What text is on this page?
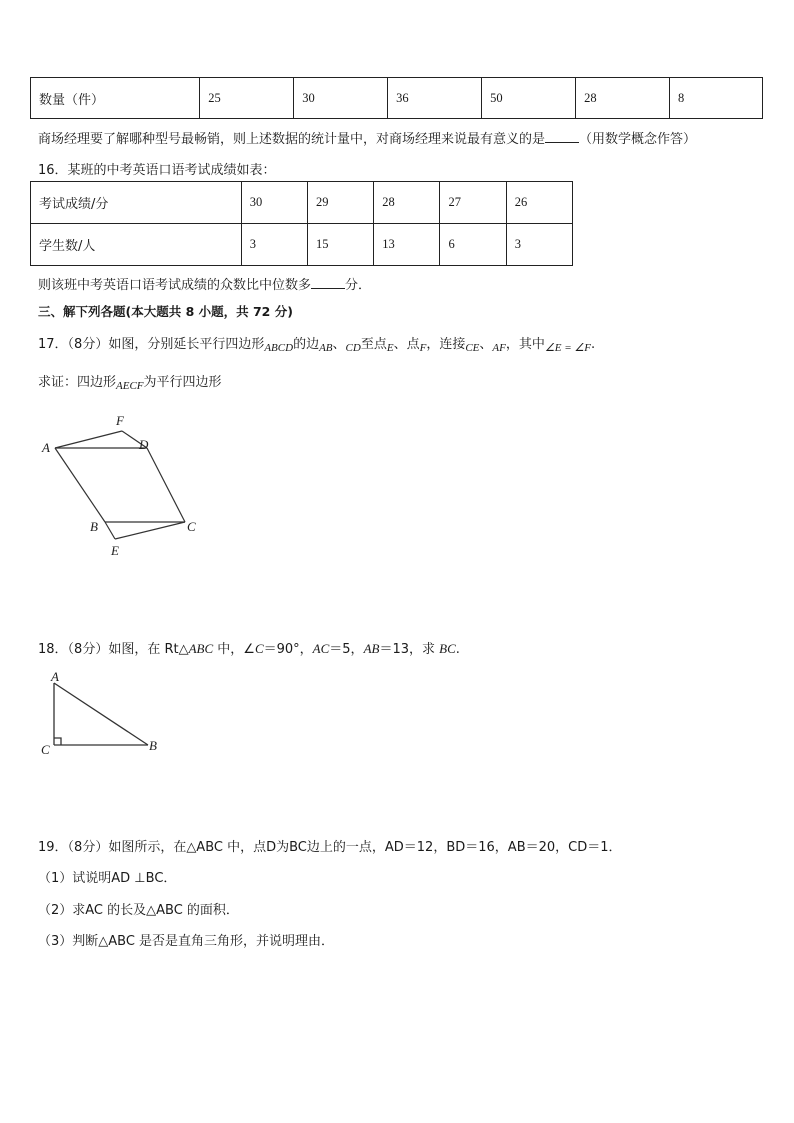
数量（件）	25	30	36	50	28	8
商场经理要了解哪种型号最畅销，则上述数据的统计量中，对商场经理来说最有意义的是	（用数学概念作答）
16．某班的中考英语口语考试成绩如表：
考试成绩/分	30	29	28	27	26
学生数/人	3	15	13	6	3
则该班中考英语口语考试成绩的众数比中位数多	分．
三、解下列各题(本大题共 8 小题，共 72 分)
17．（8分）如图，分别延长平行四边形$_{ABCD}$的边$_{AB}$、$_{CD}$至点$_E$、点$_F$，连接$_{CE}$、$_{AF}$，其中$_{\angle E = \angle F}$.
求证：四边形$_{AECF}$为平行四边形
A
F
D
B	C
E
18．（8分）如图，在 Rt△ABC 中，∠C＝90°，AC＝5，AB＝13，求 BC.
A
C	B
19．（8分）如图所示，在△ABC 中，点D为BC边上的一点，AD＝12，BD＝16，AB＝20，CD＝1．
（1）试说明AD ⊥BC．
（2）求AC 的长及△ABC 的面积．
（3）判断△ABC 是否是直角三角形，并说明理由．
